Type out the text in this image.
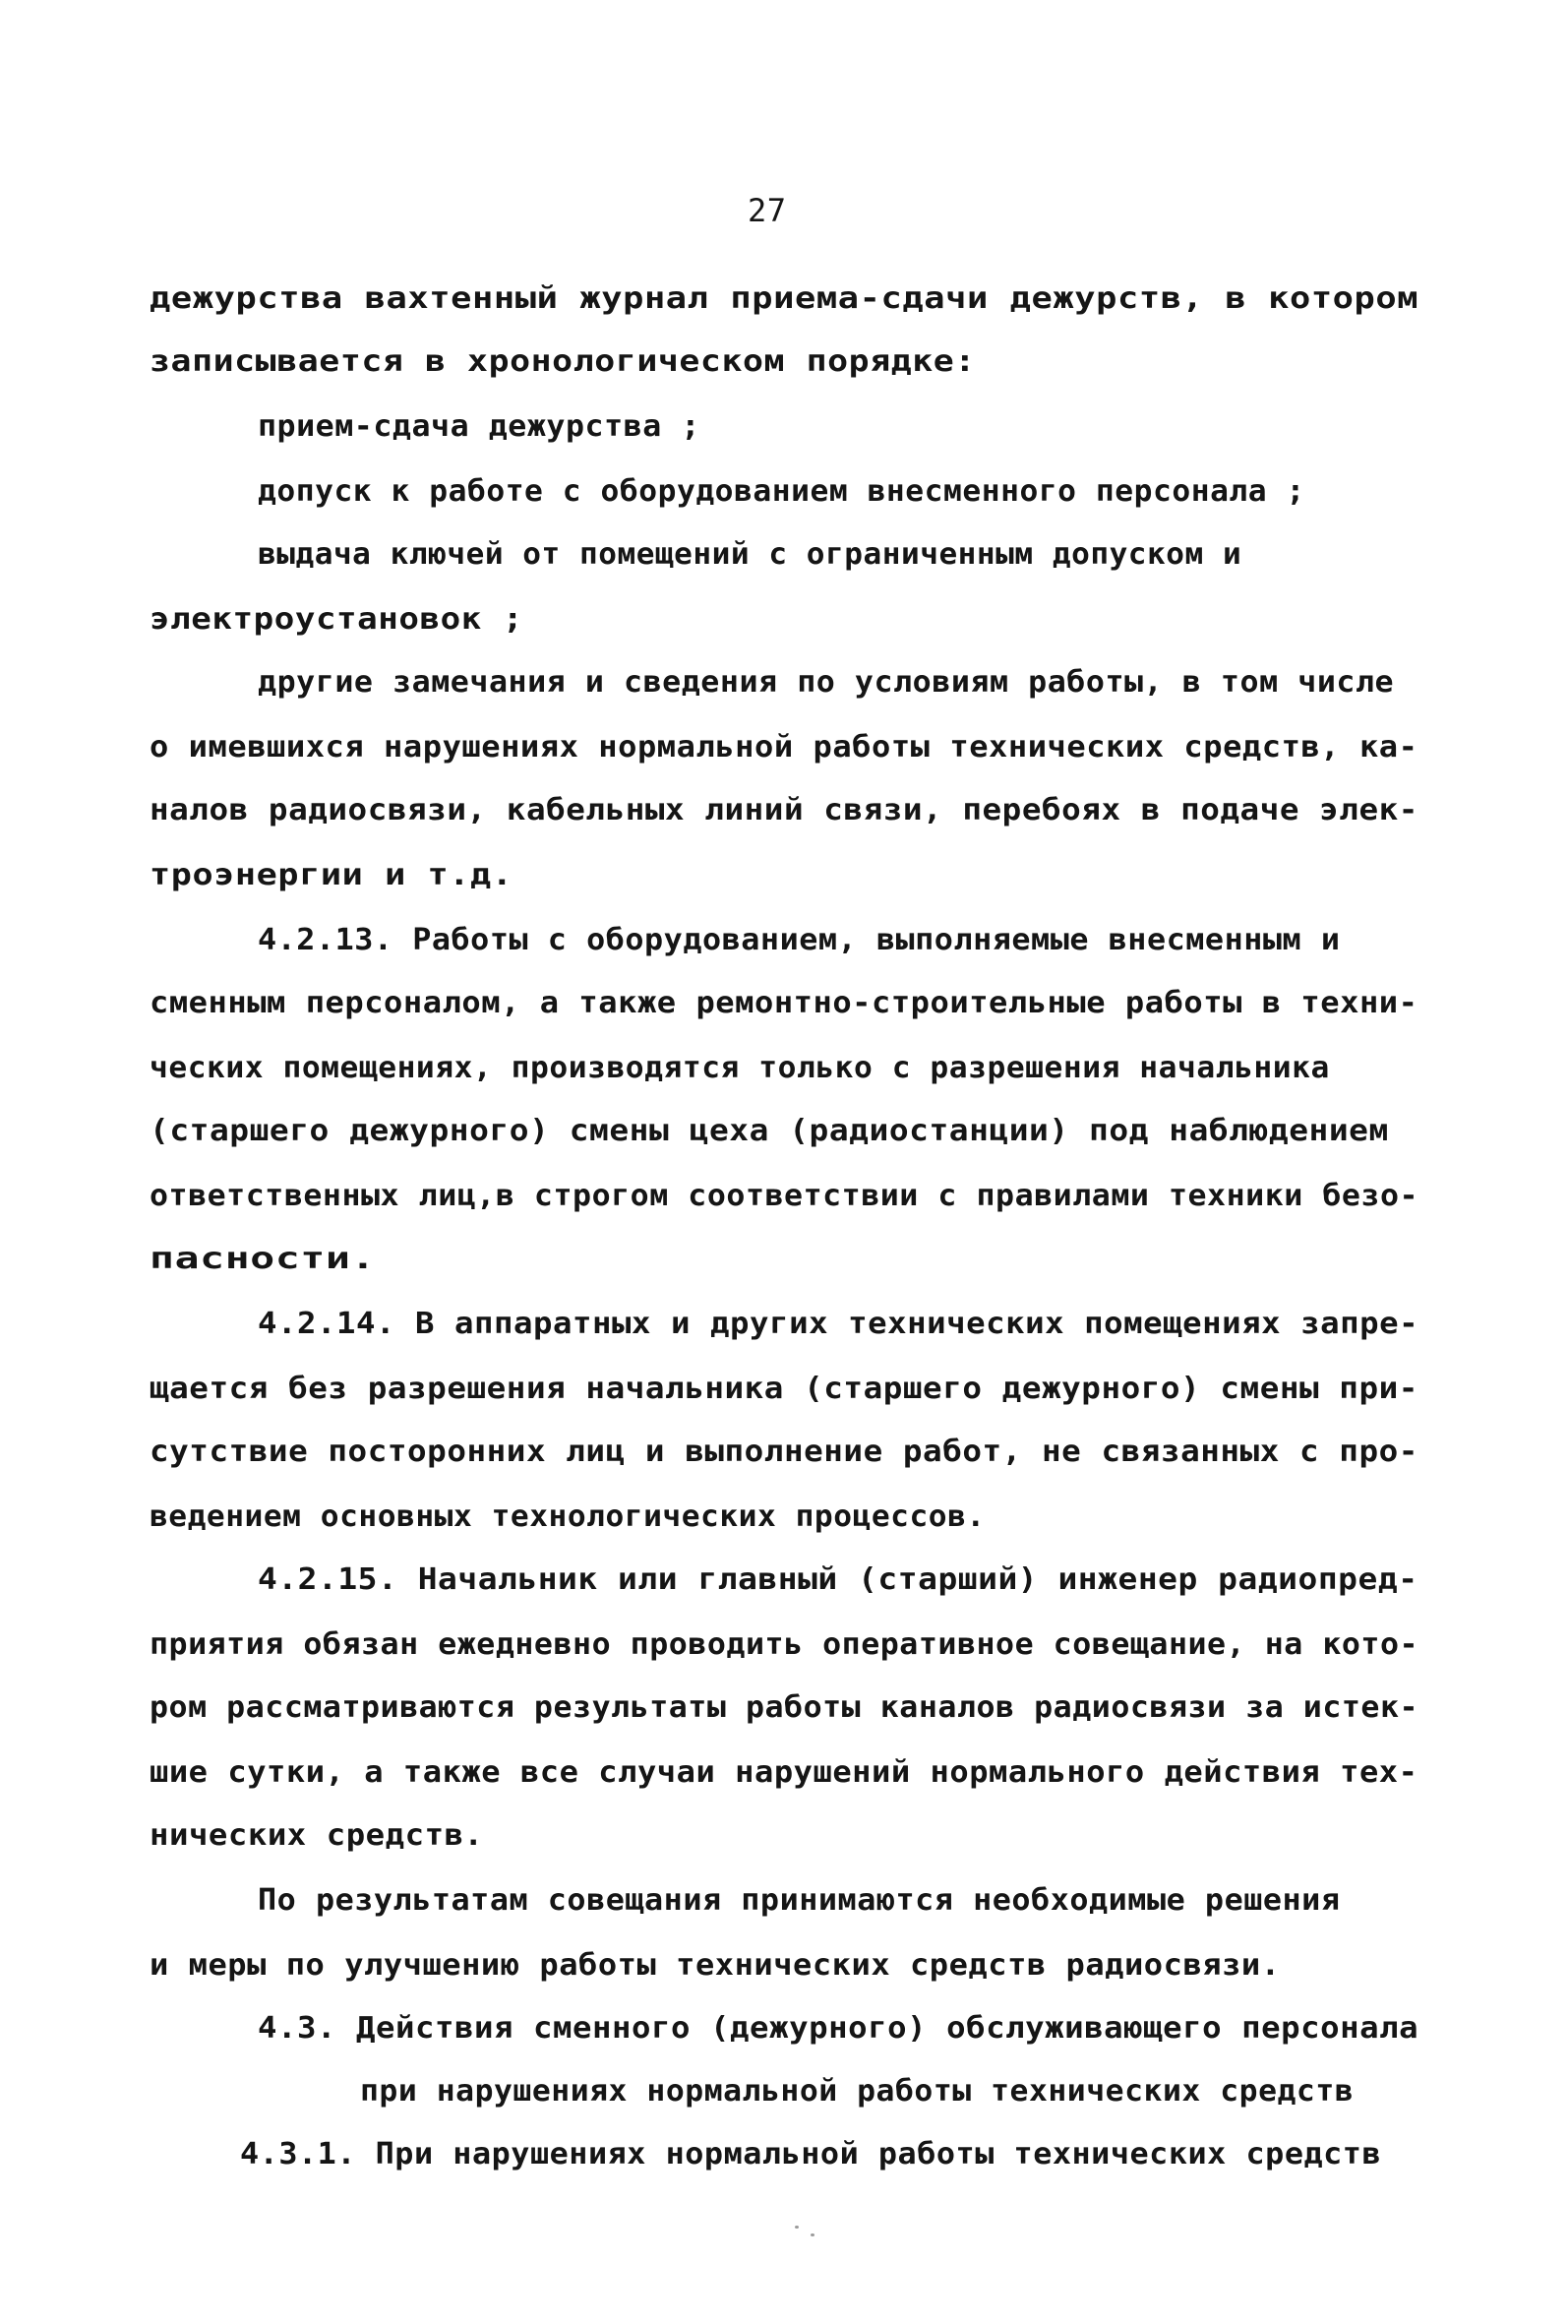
27
дежурства вахтенный журнал приема-сдачи дежурств, в котором
записывается в хронологическом порядке:
прием-сдача дежурства ;
допуск к работе с оборудованием внесменного персонала ;
выдача ключей от помещений с ограниченным допуском и
электроустановок ;
другие замечания и сведения по условиям работы, в том числе
о имевшихся нарушениях нормальной работы технических средств, ка-
налов радиосвязи, кабельных линий связи, перебоях в подаче элек-
троэнергии и т.д.
4.2.13. Работы с оборудованием, выполняемые внесменным и
сменным персоналом, а также ремонтно-строительные работы в техни-
ческих помещениях, производятся только с разрешения начальника
(старшего дежурного) смены цеха (радиостанции) под наблюдением
ответственных лиц,в строгом соответствии с правилами техники безо-
пасности.
4.2.14. В аппаратных и других технических помещениях запре-
щается без разрешения начальника (старшего дежурного) смены при-
сутствие посторонних лиц и выполнение работ, не связанных с про-
ведением основных технологических процессов.
4.2.15. Начальник или главный (старший) инженер радиопред-
приятия обязан ежедневно проводить оперативное совещание, на кото-
ром рассматриваются результаты работы каналов радиосвязи за истек-
шие сутки, а также все случаи нарушений нормального действия тех-
нических средств.
По результатам совещания принимаются необходимые решения
и меры по улучшению работы технических средств радиосвязи.
4.3. Действия сменного (дежурного) обслуживающего персонала
при нарушениях нормальной работы технических средств
4.3.1. При нарушениях нормальной работы технических средств
